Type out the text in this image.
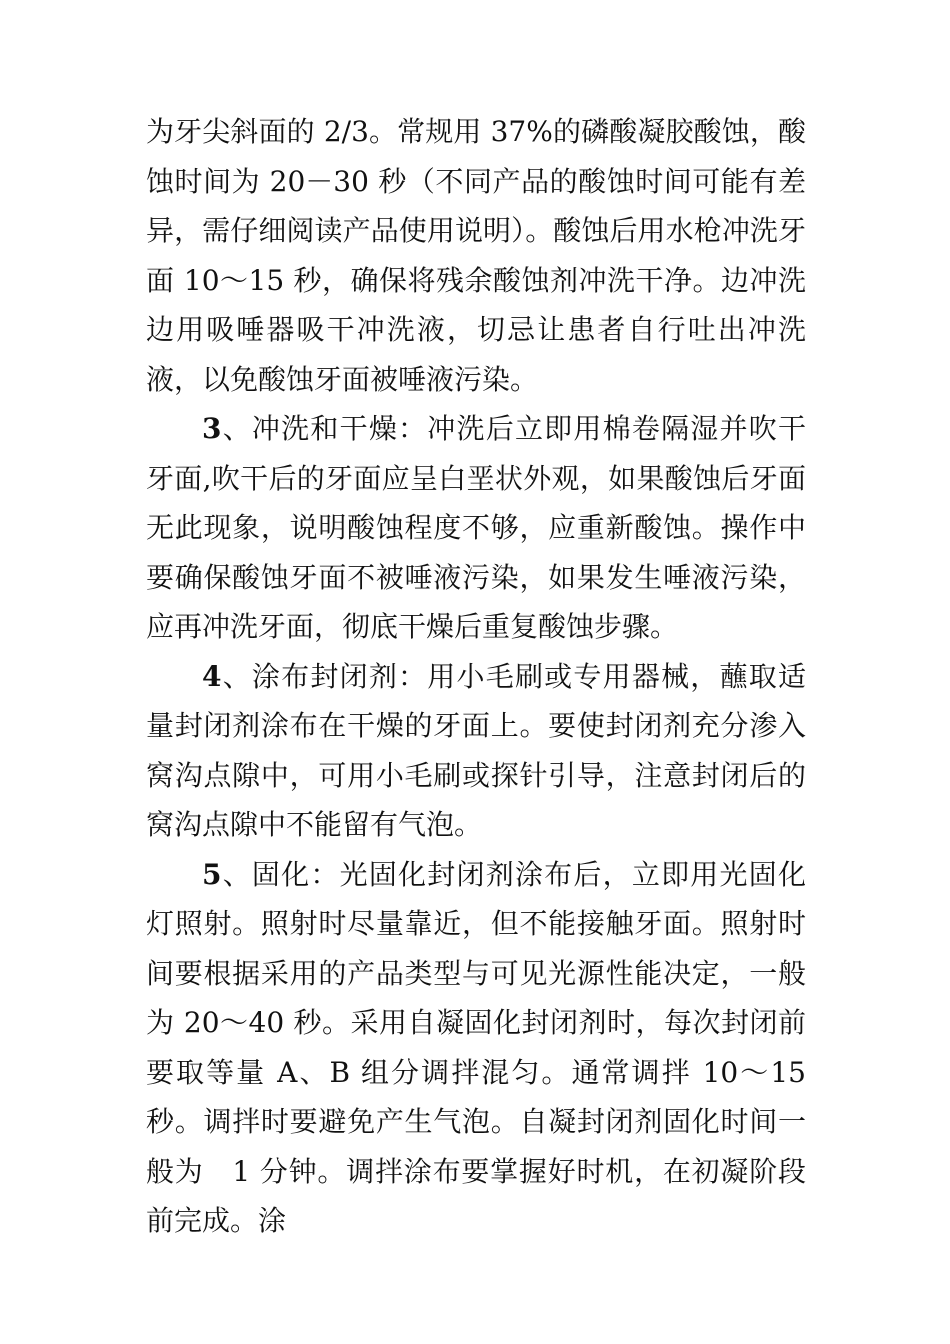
为牙尖斜面的 2/3。常规用 37%的磷酸凝胶酸蚀，酸蚀时间为 20－30 秒（不同产品的酸蚀时间可能有差异，需仔细阅读产品使用说明）。酸蚀后用水枪冲洗牙面 10～15 秒，确保将残余酸蚀剂冲洗干净。边冲洗边用吸唾器吸干冲洗液，切忌让患者自行吐出冲洗液，以免酸蚀牙面被唾液污染。

3、冲洗和干燥：冲洗后立即用棉卷隔湿并吹干牙面,吹干后的牙面应呈白垩状外观，如果酸蚀后牙面无此现象，说明酸蚀程度不够，应重新酸蚀。操作中要确保酸蚀牙面不被唾液污染，如果发生唾液污染，应再冲洗牙面，彻底干燥后重复酸蚀步骤。

4、涂布封闭剂：用小毛刷或专用器械，蘸取适量封闭剂涂布在干燥的牙面上。要使封闭剂充分渗入窝沟点隙中，可用小毛刷或探针引导，注意封闭后的窝沟点隙中不能留有气泡。

5、固化：光固化封闭剂涂布后，立即用光固化灯照射。照射时尽量靠近，但不能接触牙面。照射时间要根据采用的产品类型与可见光源性能决定，一般为 20～40 秒。采用自凝固化封闭剂时，每次封闭前要取等量 A、B 组分调拌混匀。通常调拌 10～15 秒。调拌时要避免产生气泡。自凝封闭剂固化时间一般为　1 分钟。调拌涂布要掌握好时机，在初凝阶段前完成。涂
